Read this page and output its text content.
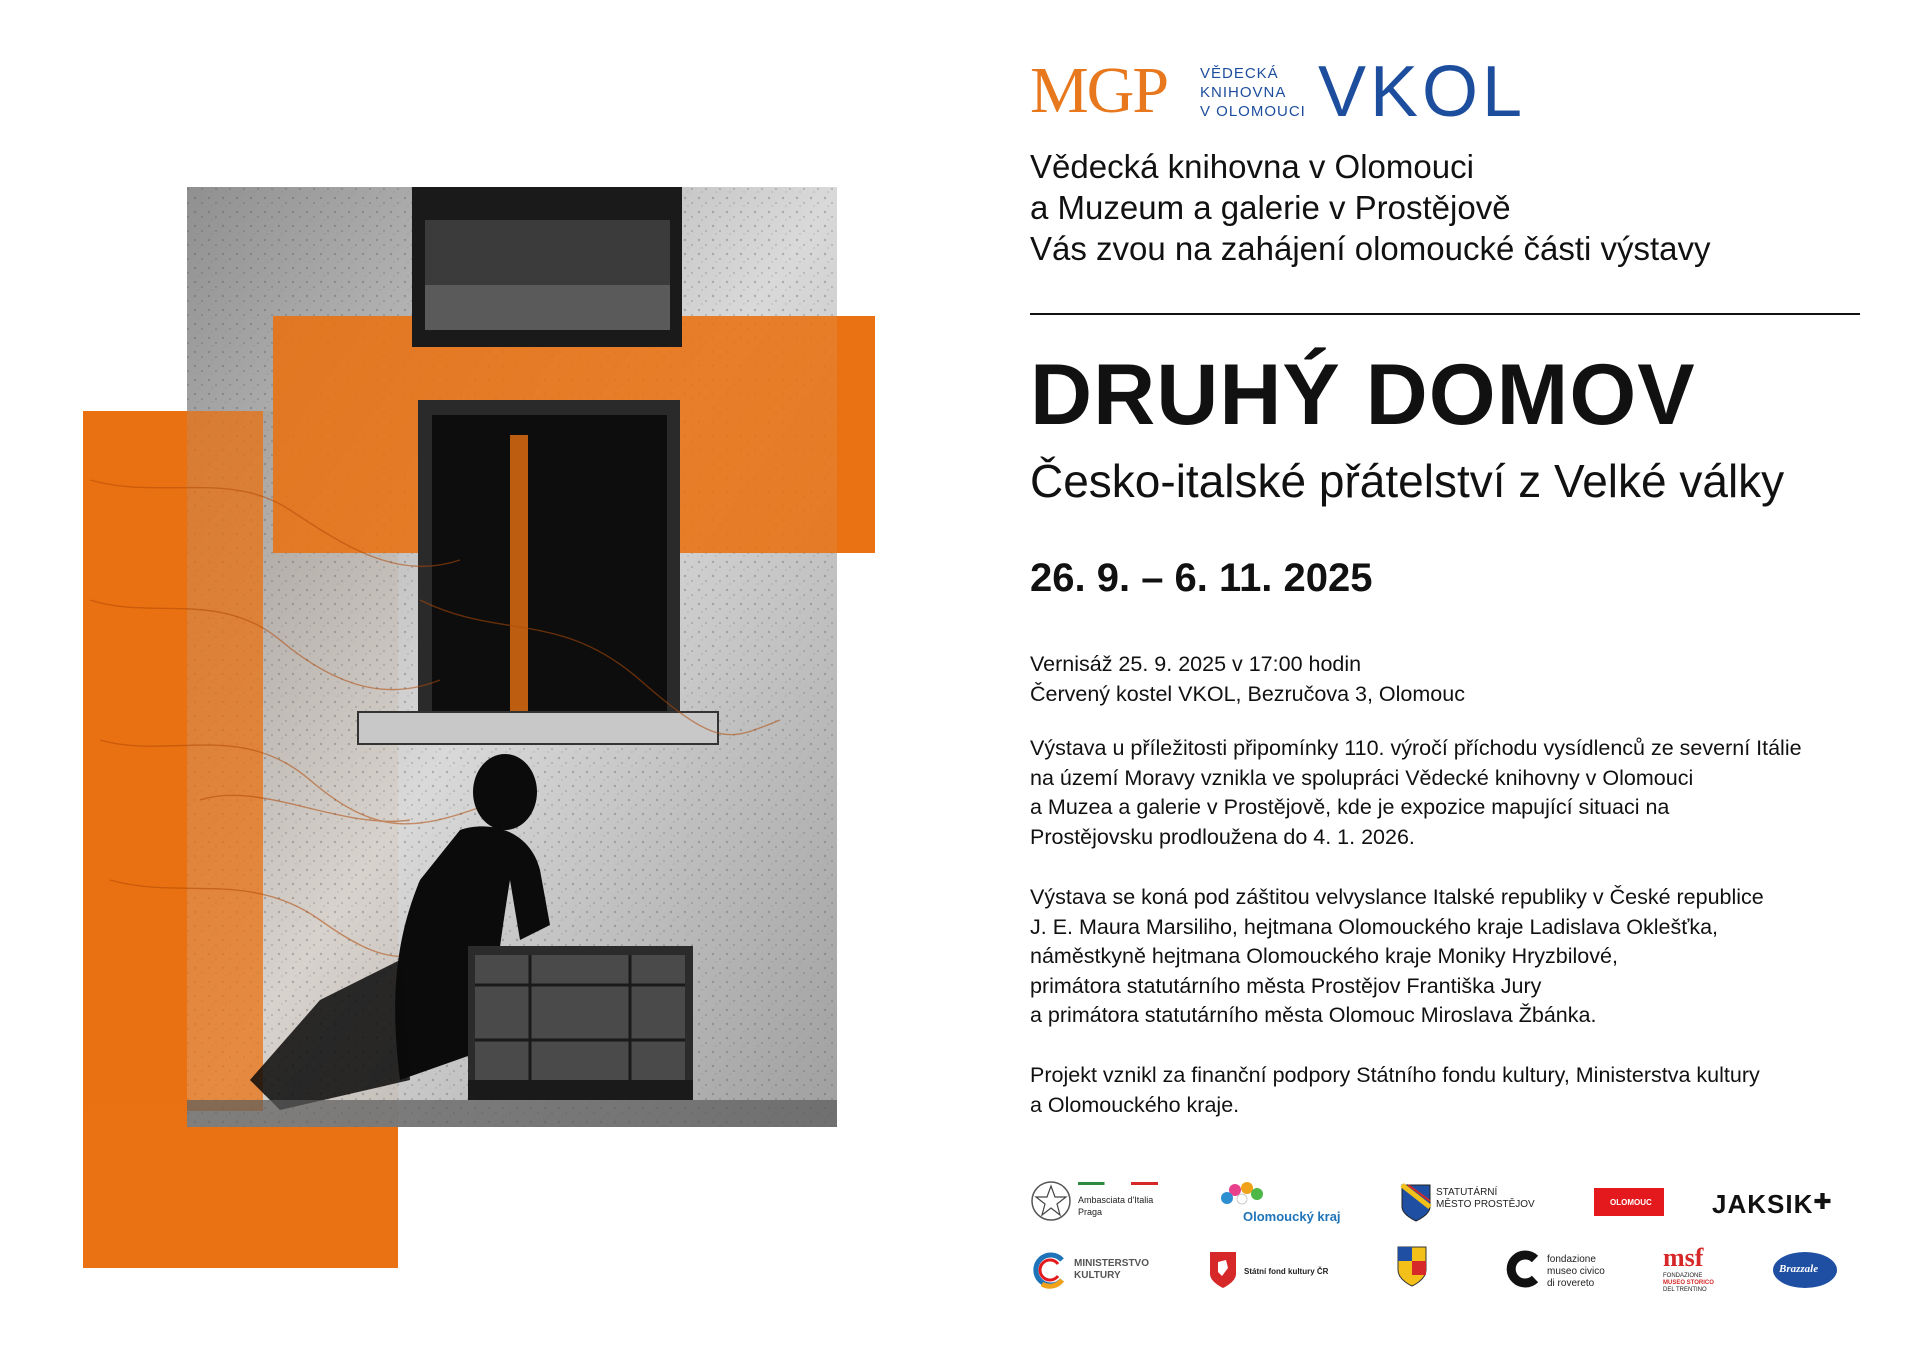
MGP VĚDECKÁ
KNIHOVNA
V OLOMOUCI VKOL
Vědecká knihovna v Olomouci
a Muzeum a galerie v Prostějově
Vás zvou na zahájení olomoucké části výstavy
DRUHÝ DOMOV
Česko-italské přátelství z Velké války
26. 9. – 6. 11. 2025
Vernisáž 25. 9. 2025 v 17:00 hodin
Červený kostel VKOL, Bezručova 3, Olomouc
Výstava u příležitosti připomínky 110. výročí příchodu vysídlenců ze severní Itálie
na území Moravy vznikla ve spolupráci Vědecké knihovny v Olomouci
a Muzea a galerie v Prostějově, kde je expozice mapující situaci na
Prostějovsku prodloužena do 4. 1. 2026.
Výstava se koná pod záštitou velvyslance Italské republiky v České republice
J. E. Maura Marsiliho, hejtmana Olomouckého kraje Ladislava Oklešťka,
náměstkyně hejtmana Olomouckého kraje Moniky Hryzbilové,
primátora statutárního města Prostějov Františka Jury
a primátora statutárního města Olomouc Miroslava Žbánka.
Projekt vznikl za finanční podpory Státního fondu kultury, Ministerstva kultury
a Olomouckého kraje.
Ambasciata d'Italia
Praga	Olomoucký kraj
STATUTÁRNÍ
MĚSTO PROSTĚJOV	OLOMOUC JAKSIK✚
MINISTERSTVO
KULTURY	Státní fond kultury ČR
fondazione
museo civico
di rovereto
msf
FONDAZIONE
MUSEO STORICO
DEL TRENTINO
Brazzale
